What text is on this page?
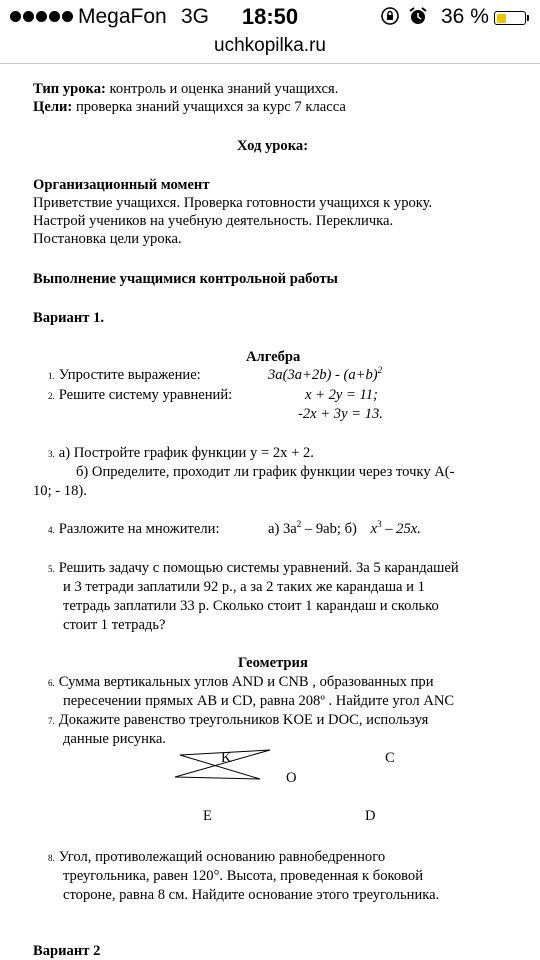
MegaFon 3G	18:50	36 %
uchkopilka.ru
Тип урока: контроль и оценка знаний учащихся.
Цели: проверка знаний учащихся за курс 7 класса
Ход урока:
Организационный момент
Приветствие учащихся. Проверка готовности учащихся к уроку.
Настрой учеников на учебную деятельность. Перекличка.
Постановка цели урока.
Выполнение учащимися контрольной работы
Вариант 1.
Алгебра
1. Упростите выражение:	$3a(3a+2b) - (a+b)^2$
2. Решите систему уравнений:	x + 2y = 11;
-2x + 3y = 13.
3. а) Постройте график функции y = 2x + 2.
б) Определите, проходит ли график функции через точку А(-
10; - 18).
4. Разложите на множители:	а) $3a^2 - 9ab$; б) $x^3 - 25x$.
5. Решить задачу с помощью системы уравнений. За 5 карандашей
и 3 тетради заплатили 92 р., а за 2 таких же карандаша и 1
тетрадь заплатили 33 р. Сколько стоит 1 карандаш и сколько
стоит 1 тетрадь?
Геометрия
6. Сумма вертикальных углов AND и CNB , образованных при
пересечении прямых AB и CD, равна 208º . Найдите угол ANC
7. Докажите равенство треугольников KOE и DOC, используя
данные рисунка.
K	C
O
E	D
8. Угол, противолежащий основанию равнобедренного
треугольника, равен 120°. Высота, проведенная к боковой
стороне, равна 8 см. Найдите основание этого треугольника.
Вариант 2
